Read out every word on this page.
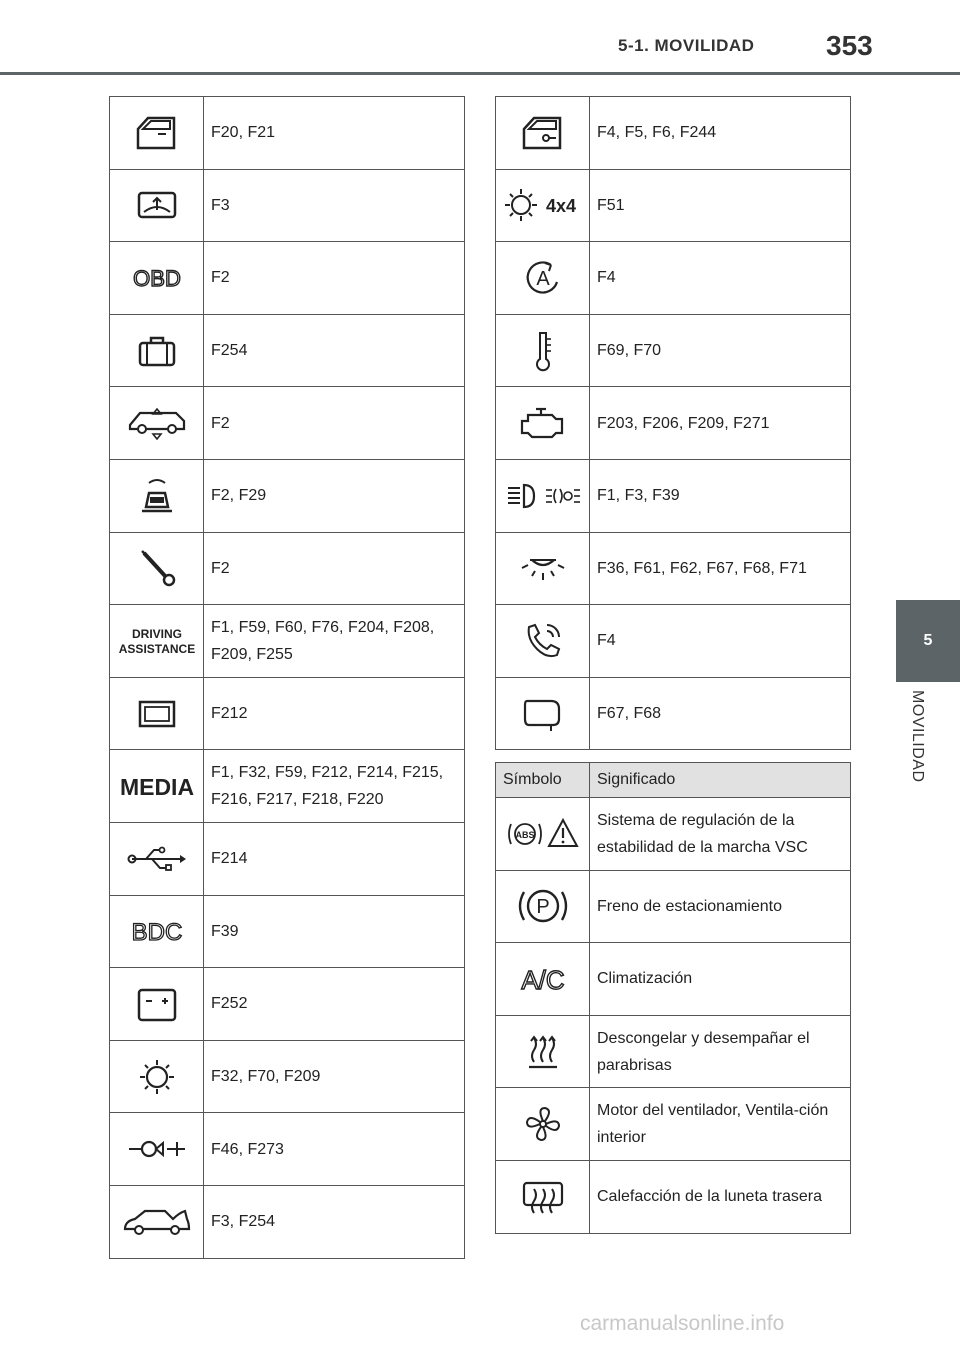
5-1. MOVILIDAD	353
5
MOVILIDAD
	F20, F21

	F3

OBD	F2

	F254

	F2

	F2, F29

	F2

DRIVING
ASSISTANCE	F1, F59, F60, F76, F204, F208, F209, F255

	F212

MEDIA	F1, F32, F59, F212, F214, F215, F216, F217, F218, F220

	F214

BDC	F39

	F252

	F32, F70, F209

	F46, F273

	F3, F254
	F4, F5, F6, F244

4x4	F51

A	F4

	F69, F70

	F203, F206, F209, F271

	F1, F3, F39

	F36, F61, F62, F67, F68, F71

	F4

	F67, F68
Símbolo	Significado

ABS	Sistema de regulación de la estabilidad de la marcha VSC

P	Freno de estacionamiento

A/C	Climatización

	Descongelar y desempañar el parabrisas

	Motor del ventilador, Ventila-ción interior

	Calefacción de la luneta trasera
carmanualsonline.info
